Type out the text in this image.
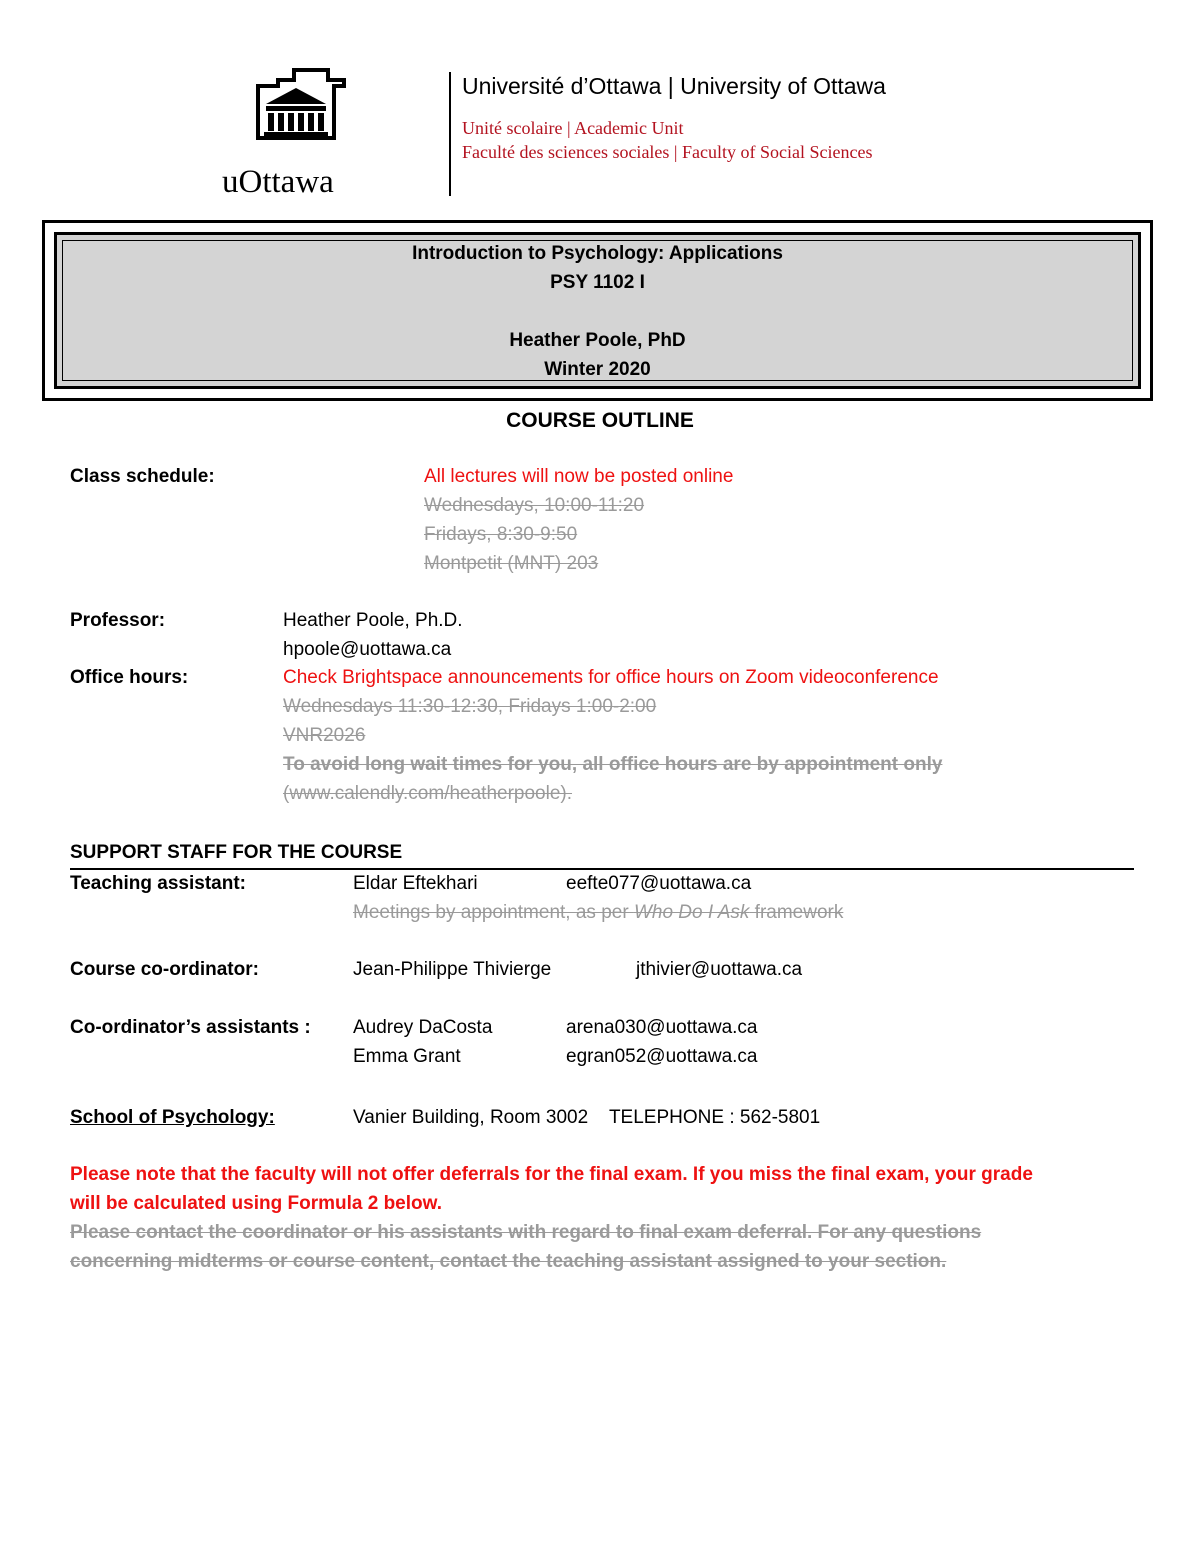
uOttawa
Université d’Ottawa | University of Ottawa
Unité scolaire | Academic Unit
Faculté des sciences sociales | Faculty of Social Sciences
Introduction to Psychology: Applications
PSY 1102 I
Heather Poole, PhD
Winter 2020
COURSE OUTLINE
Class schedule:	All lectures will now be posted online
Wednesdays, 10:00-11:20
Fridays, 8:30-9:50
Montpetit (MNT) 203
Professor:	Heather Poole, Ph.D.
hpoole@uottawa.ca
Office hours:	Check Brightspace announcements for office hours on Zoom videoconference
Wednesdays 11:30-12:30, Fridays 1:00-2:00
VNR2026
To avoid long wait times for you, all office hours are by appointment only
(www.calendly.com/heatherpoole).
SUPPORT STAFF FOR THE COURSE
Teaching assistant:	Eldar Eftekhari	eefte077@uottawa.ca
Meetings by appointment, as per Who Do I Ask framework
Course co-ordinator:	Jean-Philippe Thivierge	jthivier@uottawa.ca
Co-ordinator’s assistants : Audrey DaCosta	arena030@uottawa.ca
Emma Grant	egran052@uottawa.ca
School of Psychology:	Vanier Building, Room 3002    TELEPHONE : 562-5801
Please note that the faculty will not offer deferrals for the final exam. If you miss the final exam, your grade
will be calculated using Formula 2 below.
Please contact the coordinator or his assistants with regard to final exam deferral. For any questions
concerning midterms or course content, contact the teaching assistant assigned to your section.
